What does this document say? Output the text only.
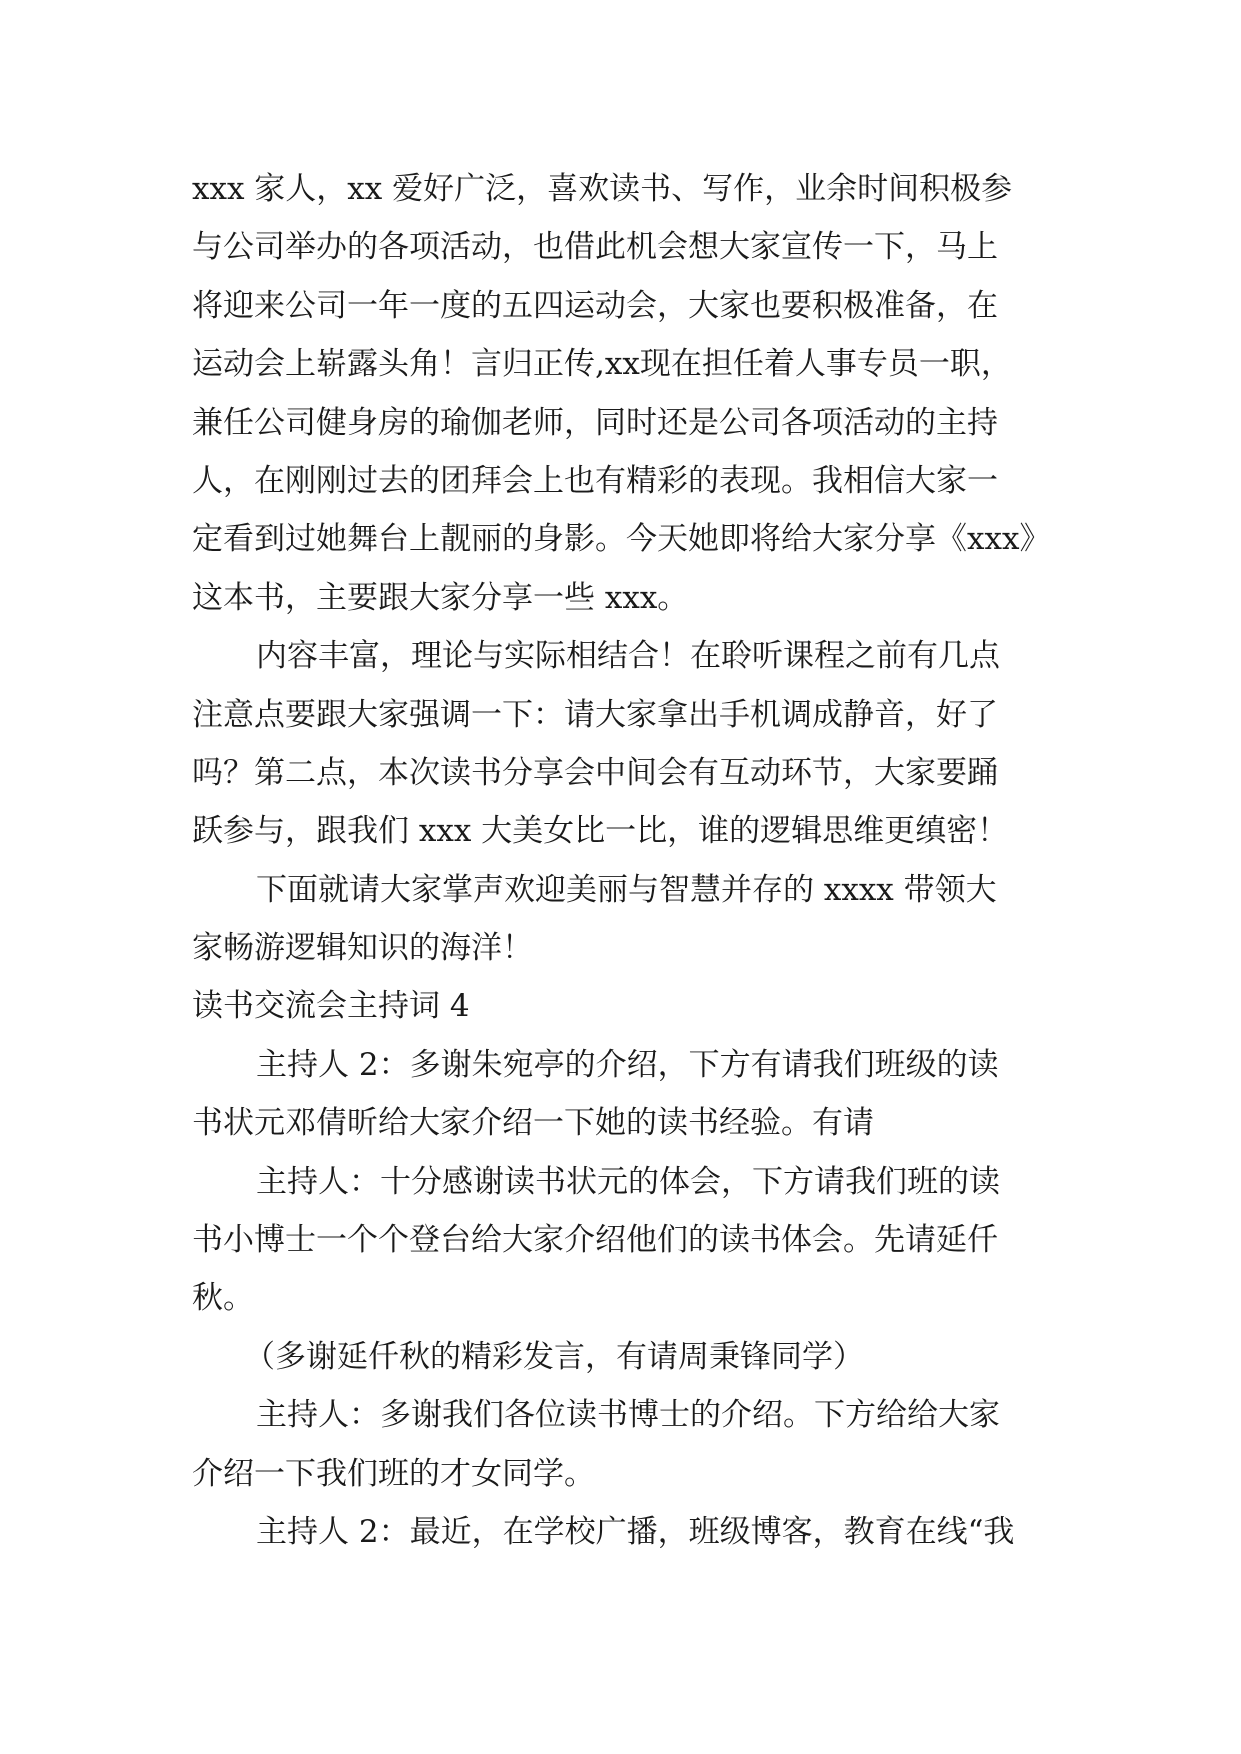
xxx 家人，xx 爱好广泛，喜欢读书、写作，业余时间积极参
与公司举办的各项活动，也借此机会想大家宣传一下，马上
将迎来公司一年一度的五四运动会，大家也要积极准备，在
运动会上崭露头角！言归正传,xx现在担任着人事专员一职，
兼任公司健身房的瑜伽老师，同时还是公司各项活动的主持
人，在刚刚过去的团拜会上也有精彩的表现。我相信大家一
定看到过她舞台上靓丽的身影。今天她即将给大家分享《xxx》
这本书，主要跟大家分享一些 xxx。
内容丰富，理论与实际相结合！在聆听课程之前有几点
注意点要跟大家强调一下：请大家拿出手机调成静音，好了
吗？第二点，本次读书分享会中间会有互动环节，大家要踊
跃参与，跟我们 xxx 大美女比一比，谁的逻辑思维更缜密！
下面就请大家掌声欢迎美丽与智慧并存的 xxxx 带领大
家畅游逻辑知识的海洋！
读书交流会主持词 4
主持人 2：多谢朱宛亭的介绍，下方有请我们班级的读
书状元邓倩昕给大家介绍一下她的读书经验。有请
主持人：十分感谢读书状元的体会，下方请我们班的读
书小博士一个个登台给大家介绍他们的读书体会。先请延仟
秋。
（多谢延仟秋的精彩发言，有请周秉锋同学）
主持人：多谢我们各位读书博士的介绍。下方给给大家
介绍一下我们班的才女同学。
主持人 2：最近，在学校广播，班级博客，教育在线“我
